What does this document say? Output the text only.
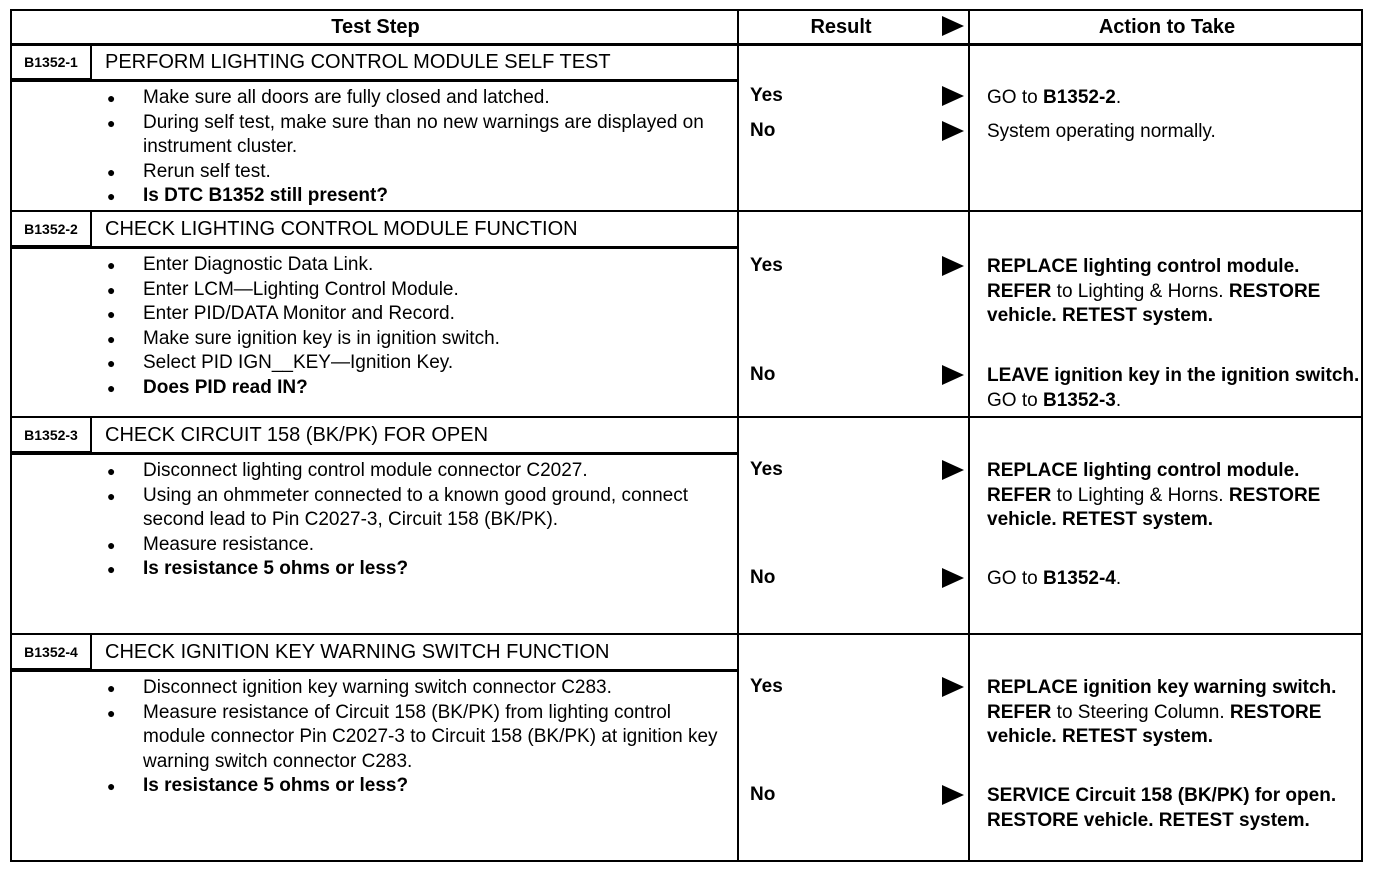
Test Step	Result	Action to Take
B1352-1	PERFORM LIGHTING CONTROL MODULE SELF TEST
● Make sure all doors are fully closed and latched.
● During self test, make sure than no new warnings are displayed on instrument cluster.
● Rerun self test.
● Is DTC B1352 still present?
Yes	GO to B1352-2.
No	System operating normally.
B1352-2	CHECK LIGHTING CONTROL MODULE FUNCTION
● Enter Diagnostic Data Link.
● Enter LCM—Lighting Control Module.
● Enter PID/DATA Monitor and Record.
● Make sure ignition key is in ignition switch.
● Select PID IGN__KEY—Ignition Key.
● Does PID read IN?
Yes	REPLACE lighting control module. REFER to Lighting & Horns. RESTORE vehicle. RETEST system.
No	LEAVE ignition key in the ignition switch. GO to B1352-3.
B1352-3	CHECK CIRCUIT 158 (BK/PK) FOR OPEN
● Disconnect lighting control module connector C2027.
● Using an ohmmeter connected to a known good ground, connect second lead to Pin C2027-3, Circuit 158 (BK/PK).
● Measure resistance.
● Is resistance 5 ohms or less?
Yes	REPLACE lighting control module. REFER to Lighting & Horns. RESTORE vehicle. RETEST system.
No	GO to B1352-4.
B1352-4	CHECK IGNITION KEY WARNING SWITCH FUNCTION
● Disconnect ignition key warning switch connector C283.
● Measure resistance of Circuit 158 (BK/PK) from lighting control module connector Pin C2027-3 to Circuit 158 (BK/PK) at ignition key warning switch connector C283.
● Is resistance 5 ohms or less?
Yes	REPLACE ignition key warning switch. REFER to Steering Column. RESTORE vehicle. RETEST system.
No	SERVICE Circuit 158 (BK/PK) for open. RESTORE vehicle. RETEST system.
